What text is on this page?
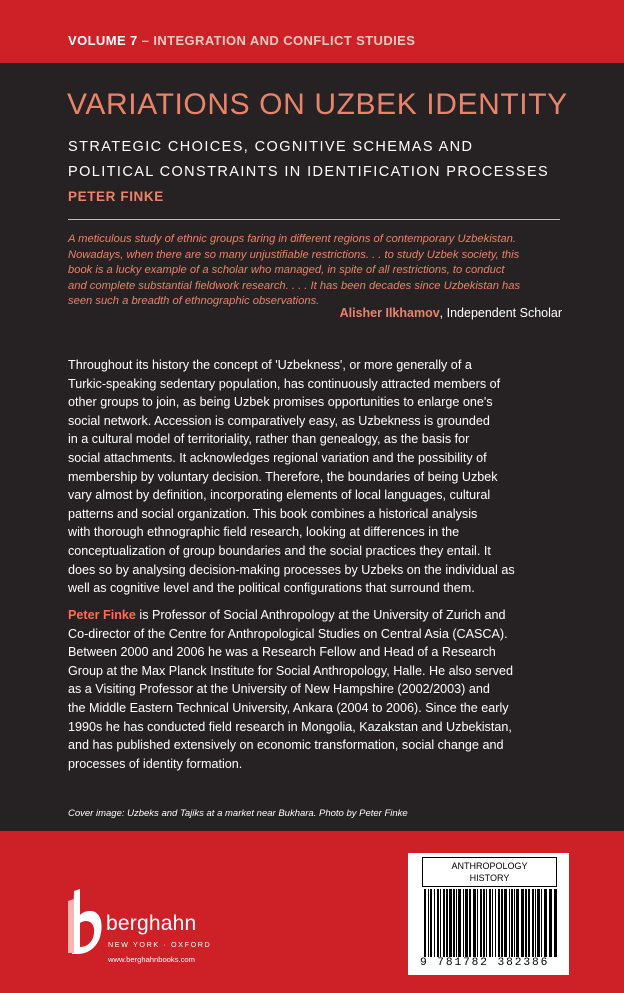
VOLUME 7 – INTEGRATION AND CONFLICT STUDIES
VARIATIONS ON UZBEK IDENTITY
STRATEGIC CHOICES, COGNITIVE SCHEMAS AND
POLITICAL CONSTRAINTS IN IDENTIFICATION PROCESSES
PETER FINKE
A meticulous study of ethnic groups faring in different regions of contemporary Uzbekistan.
Nowadays, when there are so many unjustifiable restrictions. . . to study Uzbek society, this
book is a lucky example of a scholar who managed, in spite of all restrictions, to conduct
and complete substantial fieldwork research. . . . It has been decades since Uzbekistan has
seen such a breadth of ethnographic observations.
Alisher Ilkhamov, Independent Scholar
Throughout its history the concept of 'Uzbekness', or more generally of a
Turkic-speaking sedentary population, has continuously attracted members of
other groups to join, as being Uzbek promises opportunities to enlarge one's
social network. Accession is comparatively easy, as Uzbekness is grounded
in a cultural model of territoriality, rather than genealogy, as the basis for
social attachments. It acknowledges regional variation and the possibility of
membership by voluntary decision. Therefore, the boundaries of being Uzbek
vary almost by definition, incorporating elements of local languages, cultural
patterns and social organization. This book combines a historical analysis
with thorough ethnographic field research, looking at differences in the
conceptualization of group boundaries and the social practices they entail. It
does so by analysing decision-making processes by Uzbeks on the individual as
well as cognitive level and the political configurations that surround them.
Peter Finke is Professor of Social Anthropology at the University of Zurich and
Co-director of the Centre for Anthropological Studies on Central Asia (CASCA).
Between 2000 and 2006 he was a Research Fellow and Head of a Research
Group at the Max Planck Institute for Social Anthropology, Halle. He also served
as a Visiting Professor at the University of New Hampshire (2002/2003) and
the Middle Eastern Technical University, Ankara (2004 to 2006). Since the early
1990s he has conducted field research in Mongolia, Kazakstan and Uzbekistan,
and has published extensively on economic transformation, social change and
processes of identity formation.
Cover image: Uzbeks and Tajiks at a market near Bukhara. Photo by Peter Finke
berghahn
NEW YORK · OXFORD
www.berghahnbooks.com
ANTHROPOLOGY
HISTORY
9 781782 382386
